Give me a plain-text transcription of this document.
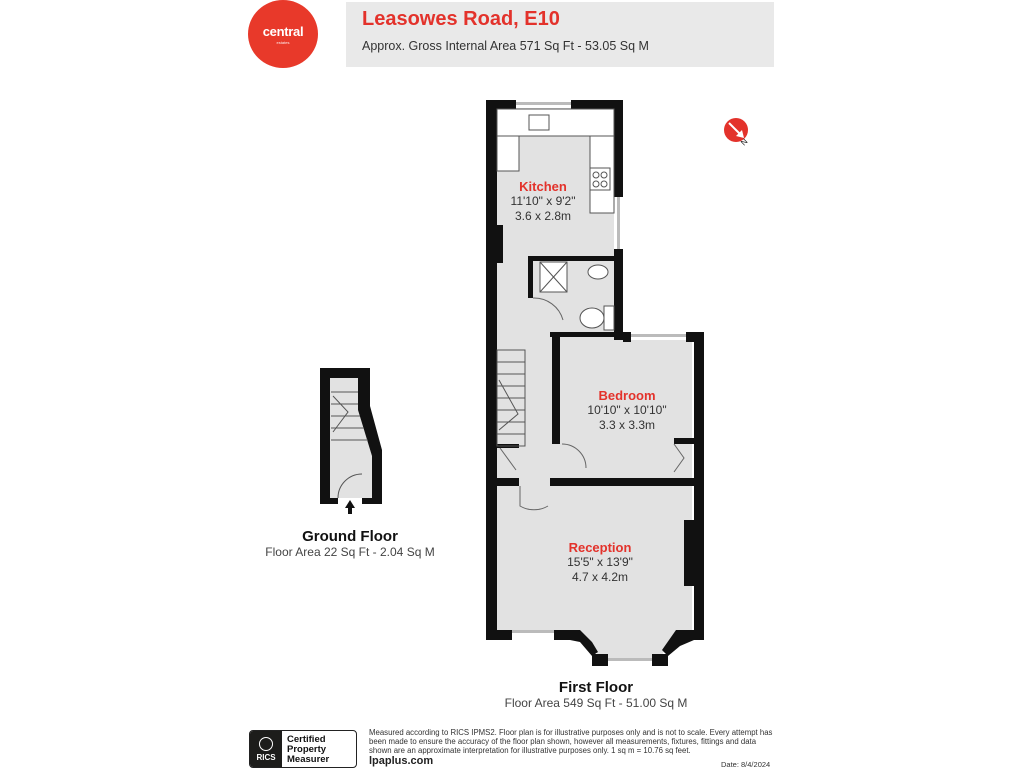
central
estates
Leasowes Road, E10
Approx. Gross Internal Area 571 Sq Ft - 53.05 Sq M
N
Kitchen
11'10" x 9'2"
3.6 x 2.8m
Bedroom
10'10" x 10'10"
3.3 x 3.3m
Reception
15'5" x 13'9"
4.7 x 4.2m
Ground Floor
Floor Area 22 Sq Ft - 2.04 Sq M
First Floor
Floor Area 549 Sq Ft - 51.00 Sq M
RICS
Certified
Property
Measurer
Measured according to RICS IPMS2. Floor plan is for illustrative purposes only and is not to scale. Every attempt has been made to ensure the accuracy of the floor plan shown, however all measurements, fixtures, fittings and data shown are an approximate interpretation for illustrative purposes only. 1 sq m = 10.76 sq feet.
lpaplus.com	Date: 8/4/2024
